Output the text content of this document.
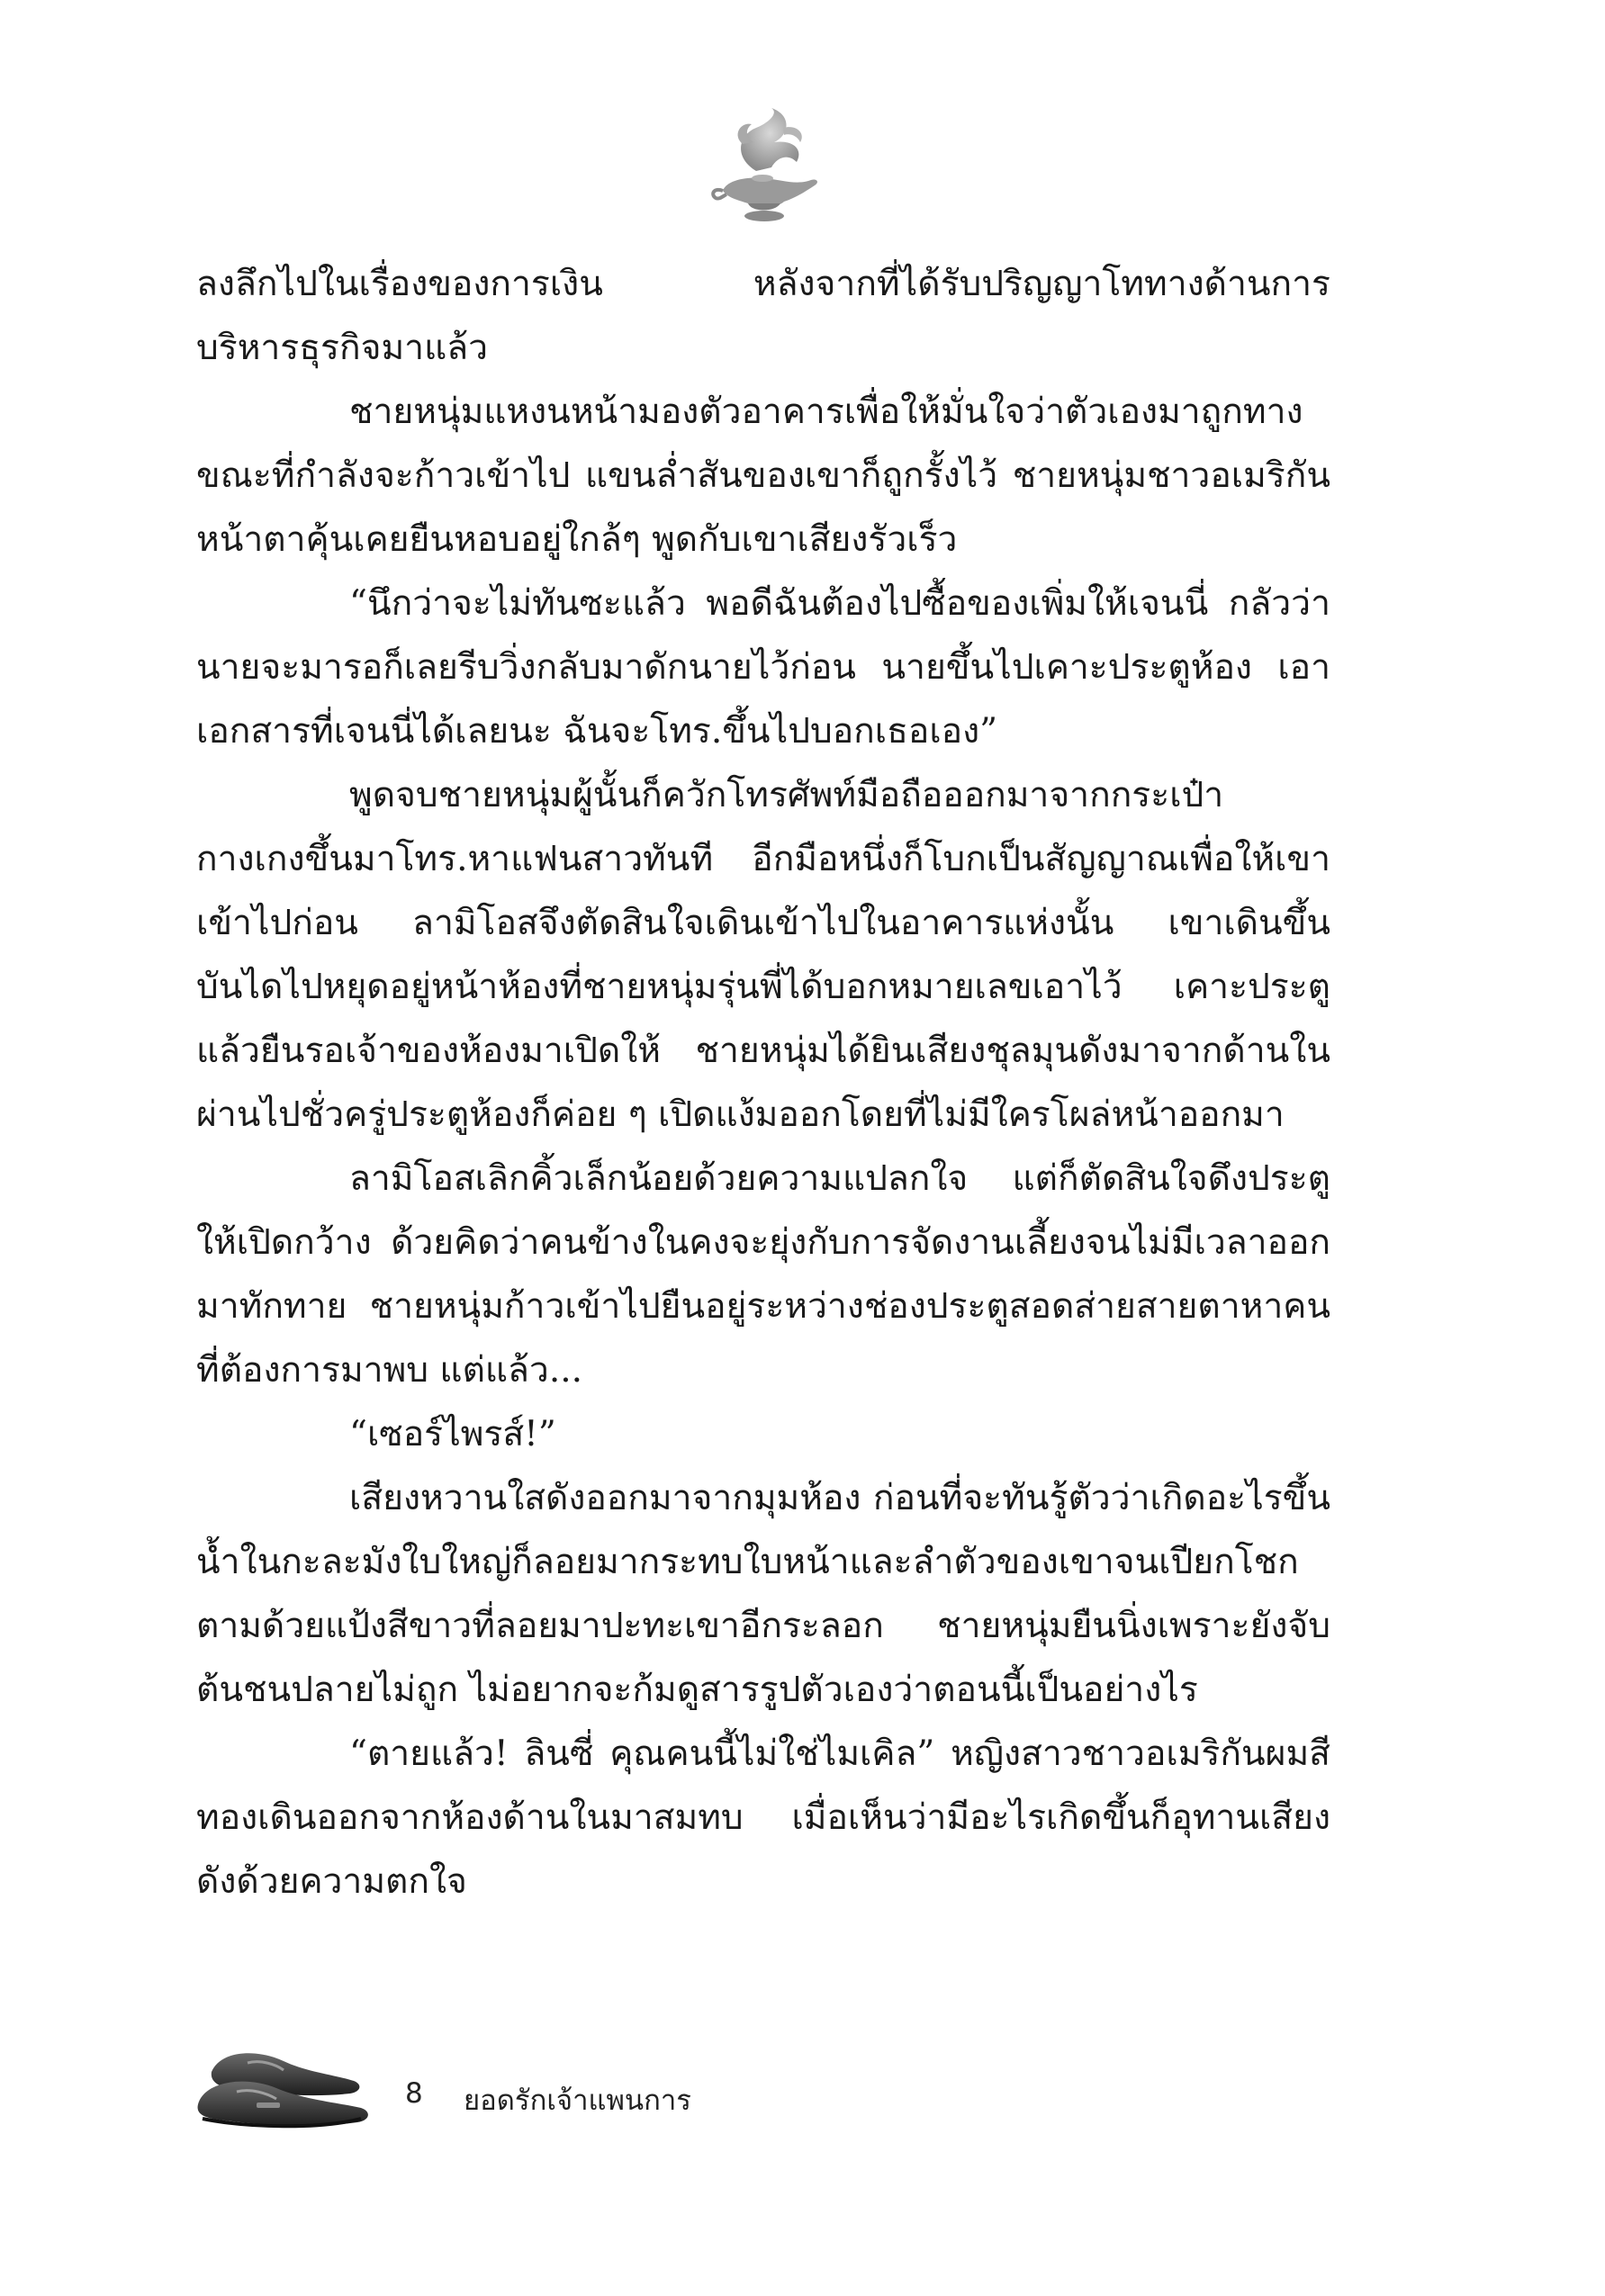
ลงลึกไปในเรื่องของการเงิน หลังจากที่ได้รับปริญญาโททางด้านการบริหารธุรกิจมาแล้ว

ชายหนุ่มแหงนหน้ามองตัวอาคารเพื่อให้มั่นใจว่าตัวเองมาถูกทาง ขณะที่กำลังจะก้าวเข้าไป แขนล่ำสันของเขาก็ถูกรั้งไว้ ชายหนุ่มชาวอเมริกันหน้าตาคุ้นเคยยืนหอบอยู่ใกล้ๆ พูดกับเขาเสียงรัวเร็ว

“นึกว่าจะไม่ทันซะแล้ว พอดีฉันต้องไปซื้อของเพิ่มให้เจนนี่ กลัวว่านายจะมารอก็เลยรีบวิ่งกลับมาดักนายไว้ก่อน นายขึ้นไปเคาะประตูห้อง เอาเอกสารที่เจนนี่ได้เลยนะ ฉันจะโทร.ขึ้นไปบอกเธอเอง”

พูดจบชายหนุ่มผู้นั้นก็ควักโทรศัพท์มือถือออกมาจากกระเป๋ากางเกงขึ้นมาโทร.หาแฟนสาวทันที อีกมือหนึ่งก็โบกเป็นสัญญาณเพื่อให้เขาเข้าไปก่อน ลามิโอสจึงตัดสินใจเดินเข้าไปในอาคารแห่งนั้น เขาเดินขึ้นบันไดไปหยุดอยู่หน้าห้องที่ชายหนุ่มรุ่นพี่ได้บอกหมายเลขเอาไว้ เคาะประตูแล้วยืนรอเจ้าของห้องมาเปิดให้ ชายหนุ่มได้ยินเสียงชุลมุนดังมาจากด้านใน ผ่านไปชั่วครู่ประตูห้องก็ค่อย ๆ เปิดแง้มออกโดยที่ไม่มีใครโผล่หน้าออกมา

ลามิโอสเลิกคิ้วเล็กน้อยด้วยความแปลกใจ แต่ก็ตัดสินใจดึงประตูให้เปิดกว้าง ด้วยคิดว่าคนข้างในคงจะยุ่งกับการจัดงานเลี้ยงจนไม่มีเวลาออกมาทักทาย ชายหนุ่มก้าวเข้าไปยืนอยู่ระหว่างช่องประตูสอดส่ายสายตาหาคนที่ต้องการมาพบ แต่แล้ว...

“เซอร์ไพรส์!”

เสียงหวานใสดังออกมาจากมุมห้อง ก่อนที่จะทันรู้ตัวว่าเกิดอะไรขึ้น น้ำในกะละมังใบใหญ่ก็ลอยมากระทบใบหน้าและลำตัวของเขาจนเปียกโชก ตามด้วยแป้งสีขาวที่ลอยมาปะทะเขาอีกระลอก ชายหนุ่มยืนนิ่งเพราะยังจับต้นชนปลายไม่ถูก ไม่อยากจะก้มดูสารรูปตัวเองว่าตอนนี้เป็นอย่างไร

“ตายแล้ว! ลินซี่ คุณคนนี้ไม่ใช่ไมเคิล” หญิงสาวชาวอเมริกันผมสีทองเดินออกจากห้องด้านในมาสมทบ เมื่อเห็นว่ามีอะไรเกิดขึ้นก็อุทานเสียงดังด้วยความตกใจ

8 ยอดรักเจ้าแพนการ
